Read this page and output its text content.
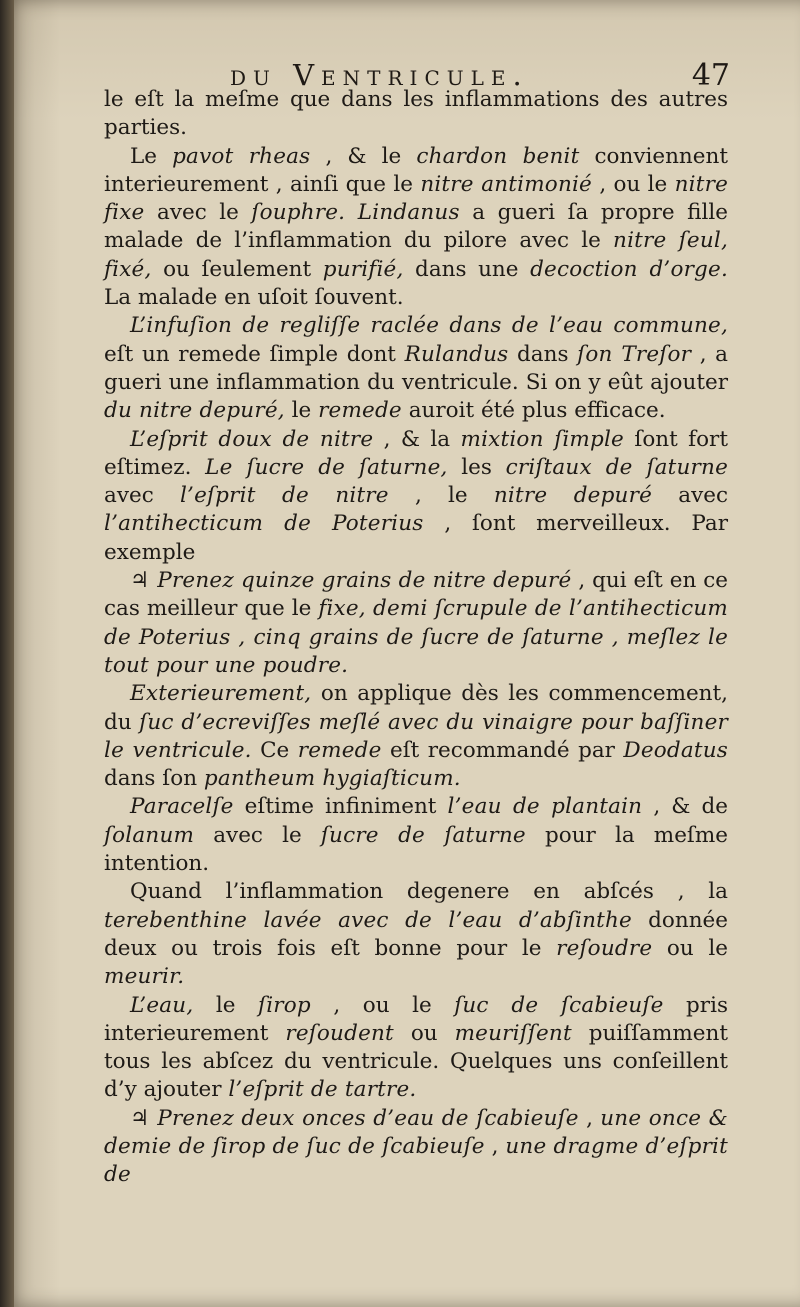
du Ventricule.	47

le eſt la meſme que dans les inflammations des autres parties.

Le pavot rheas , & le chardon benit conviennent interieurement , ainſi que le nitre antimonié , ou le nitre fixe avec le ſouphre. Lindanus a gueri ſa propre fille malade de l’inflammation du pilore avec le nitre ſeul, fixé, ou ſeulement purifié, dans une decoction d’orge. La malade en uſoit ſouvent.

L’infuſion de regliſſe raclée dans de l’eau commune, eſt un remede ſimple dont Rulandus dans ſon Treſor , a gueri une inflammation du ventricule. Si on y eût ajouter du nitre depuré, le remede auroit été plus efficace.

L’eſprit doux de nitre , & la mixtion ſimple ſont fort eſtimez. Le ſucre de ſaturne, les criſtaux de ſaturne avec l’eſprit de nitre , le nitre depuré avec l’antihecticum de Poterius , ſont merveilleux. Par exemple

♃ Prenez quinze grains de nitre depuré , qui eſt en ce cas meilleur que le fixe, demi ſcrupule de l’antihecticum de Poterius , cinq grains de ſucre de ſaturne , meſlez le tout pour une poudre.

Exterieurement, on applique dès les commencement, du ſuc d’ecreviſſes meſlé avec du vinaigre pour baſſiner le ventricule. Ce remede eſt recommandé par Deodatus dans ſon pantheum hygiaſticum.

Paracelſe eſtime infiniment l’eau de plantain , & de ſolanum avec le ſucre de ſaturne pour la meſme intention.

Quand l’inflammation degenere en abſcés , la terebenthine lavée avec de l’eau d’abſinthe donnée deux ou trois fois eſt bonne pour le reſoudre ou le meurir.

L’eau, le ſirop , ou le ſuc de ſcabieuſe pris interieurement reſoudent ou meuriſſent puiſſamment tous les abſcez du ventricule. Quelques uns conſeillent d’y ajouter l’eſprit de tartre.

♃ Prenez deux onces d’eau de ſcabieuſe , une once & demie de ſirop de ſuc de ſcabieuſe , une dragme d’eſprit de
